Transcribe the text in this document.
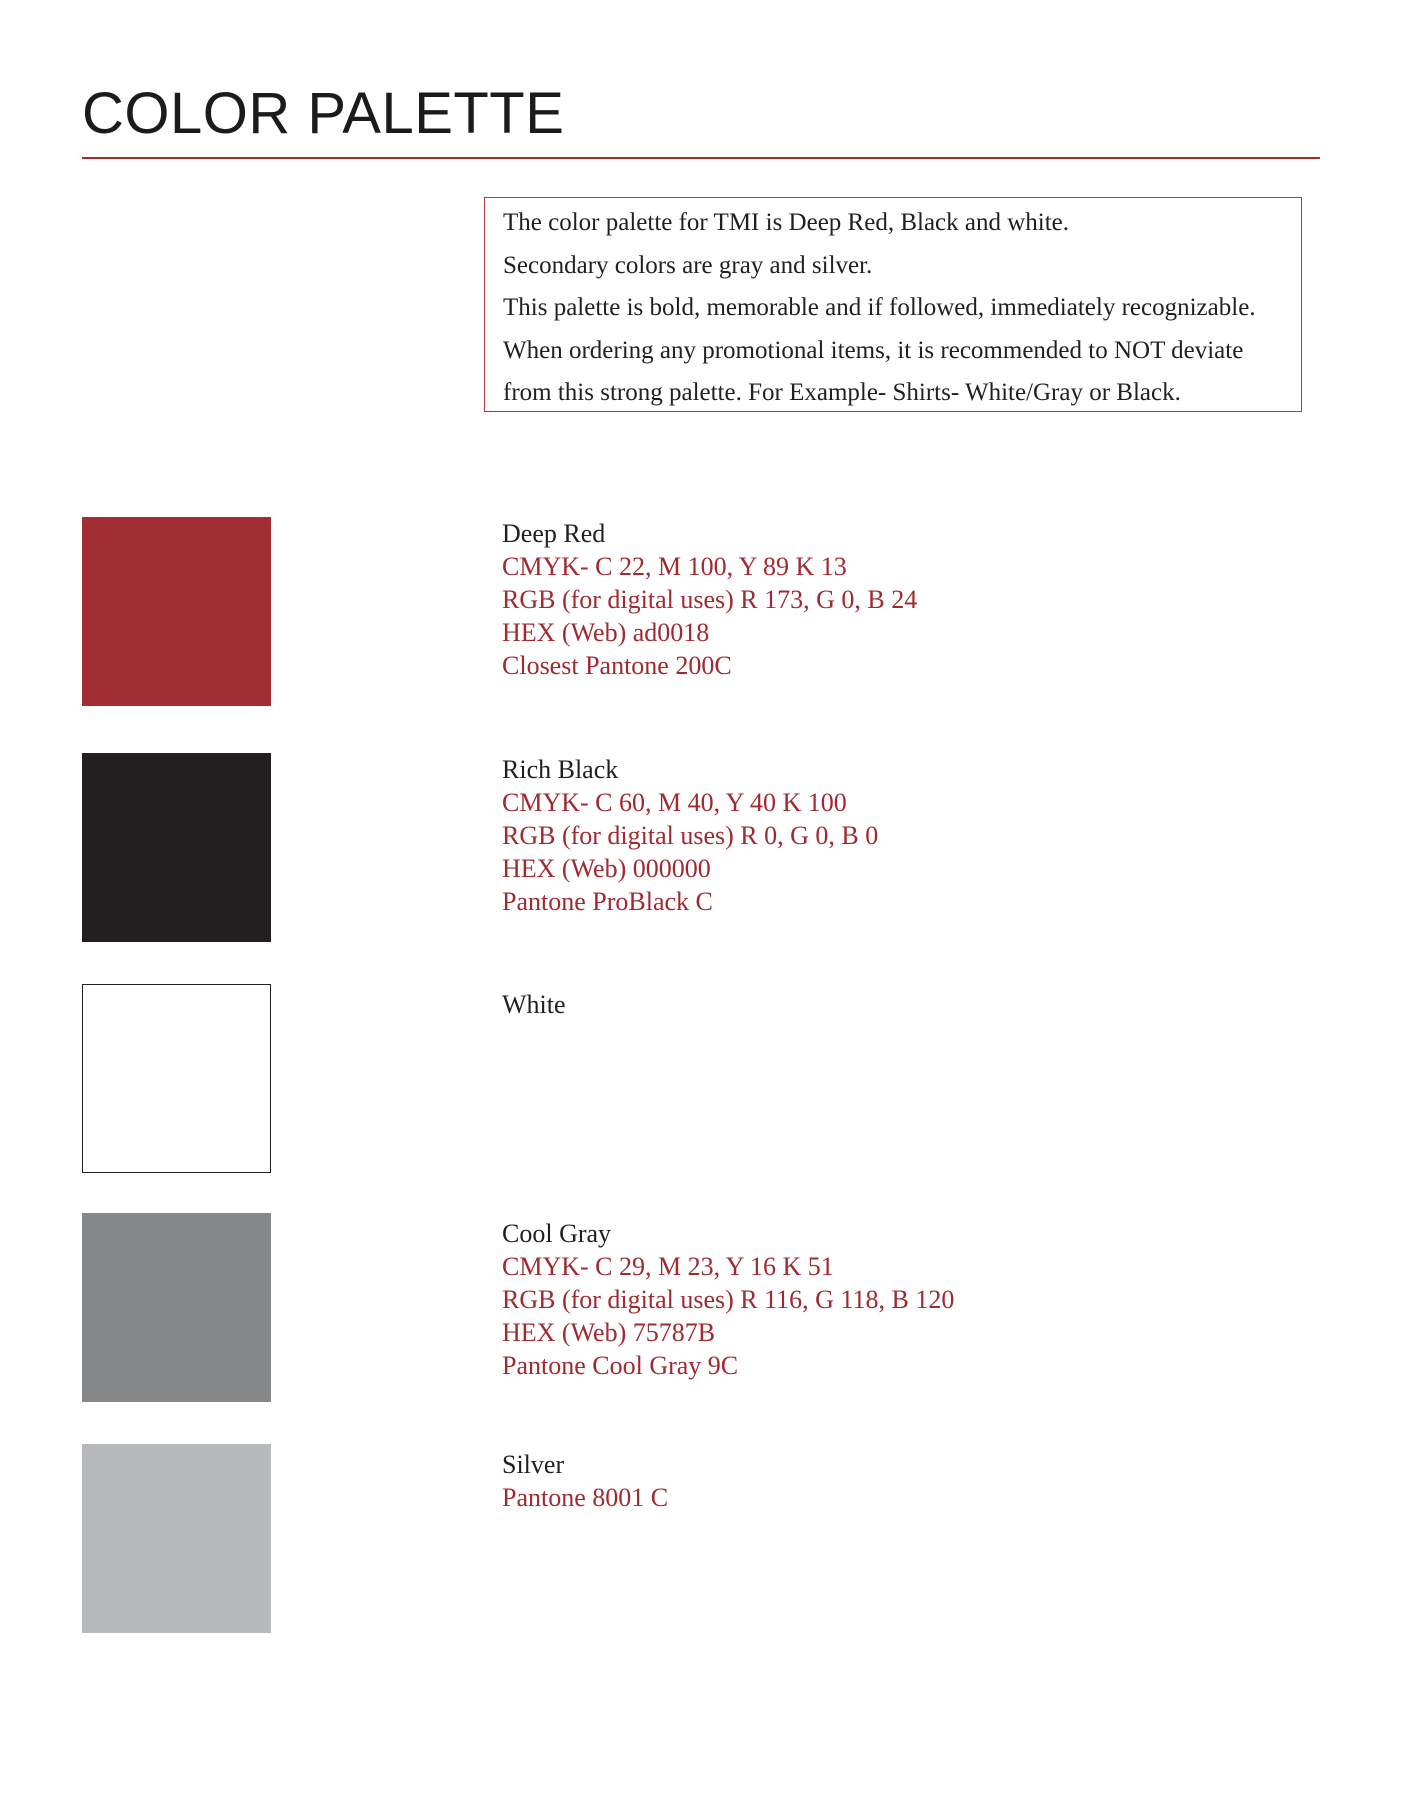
COLOR PALETTE
The color palette for TMI is Deep Red, Black and white.
Secondary colors are gray and silver.
This palette is bold, memorable and if followed, immediately recognizable.
When ordering any promotional items, it is recommended to NOT deviate
from this strong palette. For Example- Shirts- White/Gray or Black.
Deep Red
CMYK- C 22, M 100, Y 89 K 13
RGB (for digital uses) R 173, G 0, B 24
HEX (Web) ad0018
Closest Pantone 200C
Rich Black
CMYK- C 60, M 40, Y 40 K 100
RGB (for digital uses) R 0, G 0, B 0
HEX (Web) 000000
Pantone ProBlack C
White
Cool Gray
CMYK- C 29, M 23, Y 16 K 51
RGB (for digital uses) R 116, G 118, B 120
HEX (Web) 75787B
Pantone Cool Gray 9C
Silver
Pantone 8001 C
